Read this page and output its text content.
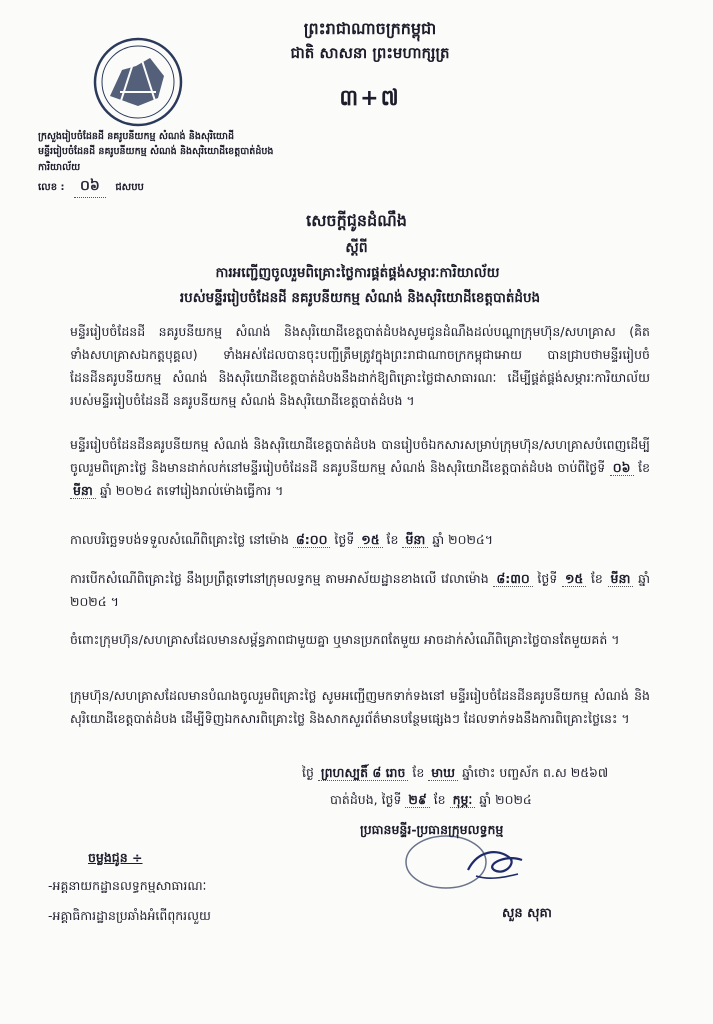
ព្រះរាជាណាចក្រកម្ពុជា
ជាតិ សាសនា ព្រះមហាក្សត្រ
៣+៧
ក្រសួងរៀបចំដែនដី នគរូបនីយកម្ម សំណង់ និងសុរិយោដី
មន្ទីររៀបចំដែនដី នគរូបនីយកម្ម សំណង់ និងសុរិយោដីខេត្តបាត់ដំបង
ការិយាល័យ
លេខ : ០៦ ជសបប
សេចក្តីជូនដំណឹង
ស្តីពី
ការអញ្ជើញចូលរួមពិគ្រោះថ្លៃការផ្គត់ផ្គង់សម្ភារៈការិយាល័យ
របស់មន្ទីររៀបចំដែនដី នគរូបនីយកម្ម សំណង់ និងសុរិយោដីខេត្តបាត់ដំបង
មន្ទីររៀបចំដែនដី នគរូបនីយកម្ម សំណង់ និងសុរិយោដីខេត្តបាត់ដំបងសូមជូនដំណឹងដល់បណ្តាក្រុមហ៊ុន/សហគ្រាស (គិតទាំងសហគ្រាសឯកត្តបុគ្គល) ទាំងអស់ដែលបានចុះបញ្ជីត្រឹមត្រូវក្នុងព្រះរាជាណាចក្រកម្ពុជាអោយ បានជ្រាបថាមន្ទីររៀបចំដែនដីនគរូបនីយកម្ម សំណង់ និងសុរិយោដីខេត្តបាត់ដំបងនឹងដាក់ឱ្យពិគ្រោះថ្លៃជាសាធារណៈ ដើម្បីផ្គត់ផ្គង់សម្ភារៈការិយាល័យរបស់មន្ទីររៀបចំដែនដី នគរូបនីយកម្ម សំណង់ និងសុរិយោដីខេត្តបាត់ដំបង ។
មន្ទីររៀបចំដែនដីនគរូបនីយកម្ម សំណង់ និងសុរិយោដីខេត្តបាត់ដំបង បានរៀបចំឯកសារសម្រាប់ក្រុមហ៊ុន/សហគ្រាសបំពេញដើម្បីចូលរួមពិគ្រោះថ្លៃ និងមានដាក់លក់នៅមន្ទីររៀបចំដែនដី នគរូបនីយកម្ម សំណង់ និងសុរិយោដីខេត្តបាត់ដំបង ចាប់ពីថ្ងៃទី ០៦ ខែ មីនា ឆ្នាំ ២០២៤ តទៅរៀងរាល់ម៉ោងធ្វើការ ។
កាលបរិច្ឆេទបង់ទទួលសំណើពិគ្រោះថ្លៃ នៅម៉ោង ៨:០០ ថ្ងៃទី ១៥ ខែ មីនា ឆ្នាំ ២០២៤។
ការបើកសំណើពិគ្រោះថ្លៃ នឹងប្រព្រឹត្តទៅនៅក្រុមលទ្ធកម្ម តាមអាស័យដ្ឋានខាងលើ វេលាម៉ោង ៨:៣០ ថ្ងៃទី ១៥ ខែ មីនា ឆ្នាំ ២០២៤ ។
ចំពោះក្រុមហ៊ុន/សហគ្រាសដែលមានសម្ព័ន្ធភាពជាមួយគ្នា ឬមានប្រភពតែមួយ អាចដាក់សំណើពិគ្រោះថ្លៃបានតែមួយគត់ ។
ក្រុមហ៊ុន/សហគ្រាសដែលមានបំណងចូលរួមពិគ្រោះថ្លៃ សូមអញ្ជើញមកទាក់ទងនៅ មន្ទីររៀបចំដែនដីនគរូបនីយកម្ម សំណង់ និងសុរិយោដីខេត្តបាត់ដំបង ដើម្បីទិញឯកសារពិគ្រោះថ្លៃ និងសាកសួរព័ត៌មានបន្ថែមផ្សេងៗ ដែលទាក់ទងនឹងការពិគ្រោះថ្លៃនេះ ។
ថ្ងៃ ព្រហស្បតិ៍ ៨ រោច ខែ មាឃ ឆ្នាំថោះ បញ្ចស័ក ព.ស ២៥៦៧
បាត់ដំបង, ថ្ងៃទី ២៩ ខែ កុម្ភៈ ឆ្នាំ ២០២៤
ប្រធានមន្ទីរ-ប្រធានក្រុមលទ្ធកម្ម
សួន សុគា
ចម្លងជូន ÷
-អគ្គនាយកដ្ឋានលទ្ធកម្មសាធារណៈ
-អគ្គាធិការដ្ឋានប្រឆាំងអំពើពុករលួយ
